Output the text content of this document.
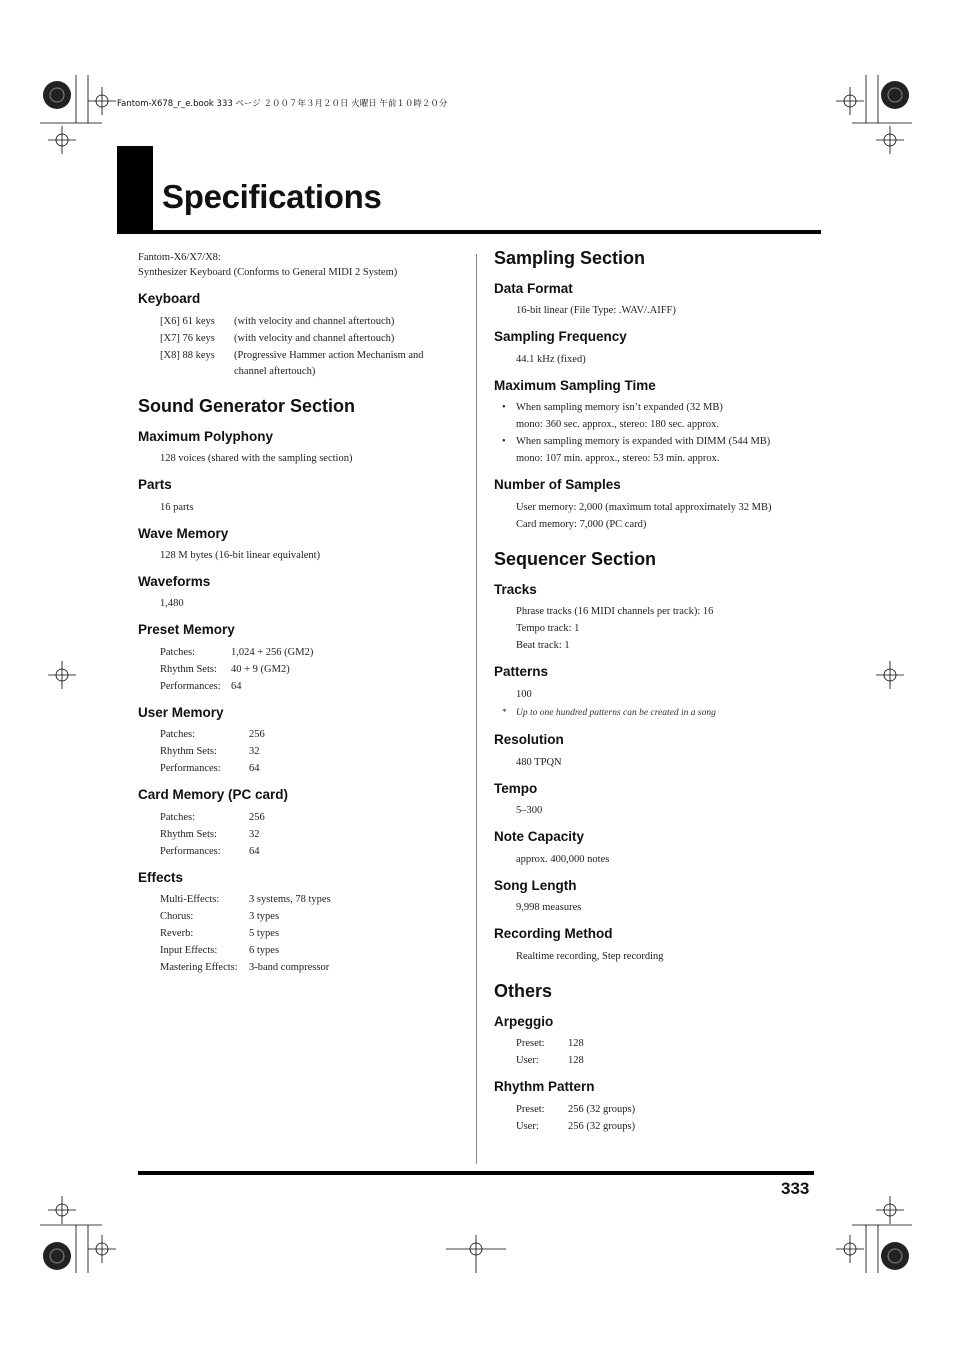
Fantom-X678_r_e.book 333 ページ ２００７年３月２０日 火曜日 午前１０時２０分
Specifications
Fantom-X6/X7/X8:
Synthesizer Keyboard (Conforms to General MIDI 2 System)
Keyboard
[X6] 61 keys (with velocity and channel aftertouch)
[X7] 76 keys (with velocity and channel aftertouch)
[X8] 88 keys (Progressive Hammer action Mechanism and
channel aftertouch)
Sound Generator Section
Maximum Polyphony
128 voices (shared with the sampling section)
Parts
16 parts
Wave Memory
128 M bytes (16-bit linear equivalent)
Waveforms
1,480
Preset Memory
Patches:	1,024 + 256 (GM2)
Rhythm Sets: 40 + 9 (GM2)
Performances: 64
User Memory
Patches:	256
Rhythm Sets:	32
Performances:	64
Card Memory (PC card)
Patches:	256
Rhythm Sets:	32
Performances:	64
Effects
Multi-Effects:	3 systems, 78 types
Chorus:	3 types
Reverb:	5 types
Input Effects:	6 types
Mastering Effects: 3-band compressor
Sampling Section
Data Format
16-bit linear (File Type: .WAV/.AIFF)
Sampling Frequency
44.1 kHz (fixed)
Maximum Sampling Time
• When sampling memory isn’t expanded (32 MB)
mono: 360 sec. approx., stereo: 180 sec. approx.
• When sampling memory is expanded with DIMM (544 MB)
mono: 107 min. approx., stereo: 53 min. approx.
Number of Samples
User memory: 2,000 (maximum total approximately 32 MB)
Card memory: 7,000 (PC card)
Sequencer Section
Tracks
Phrase tracks (16 MIDI channels per track): 16
Tempo track: 1
Beat track: 1
Patterns
100
* Up to one hundred patterns can be created in a song
Resolution
480 TPQN
Tempo
5–300
Note Capacity
approx. 400,000 notes
Song Length
9,998 measures
Recording Method
Realtime recording, Step recording
Others
Arpeggio
Preset: 128
User:	128
Rhythm Pattern
Preset: 256 (32 groups)
User:	256 (32 groups)
333
